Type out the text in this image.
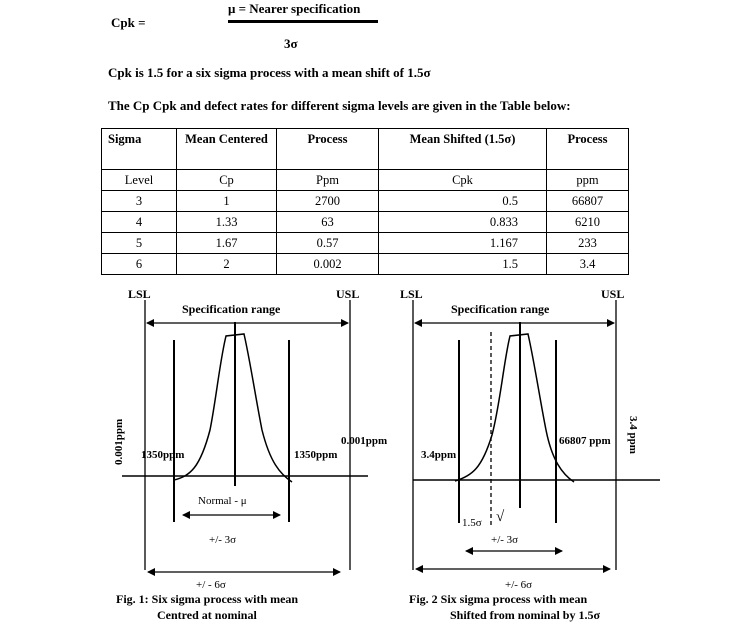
Cpk =
μ = Nearer specification
3σ
Cpk is 1.5 for a six sigma process with a mean shift of 1.5σ
The Cp Cpk and defect rates for different sigma levels are given in the Table below:
Sigma	Mean Centered	Process	Mean Shifted (1.5σ)	Process
Level	Cp	Ppm	Cpk	ppm
3	1	2700	0.5	66807
4	1.33	63	0.833	6210
5	1.67	0.57	1.167	233
6	2	0.002	1.5	3.4
LSL	USL
Specification range
0.001ppm 1350ppm	1350ppm
0.001ppm
Normal - μ
+/- 3σ
+/ - 6σ
Fig. 1: Six sigma process with mean
Centred at nominal
LSL	USL
Specification range
3.4ppm
66807 ppm 3.4 ppm
1.5σ √
+/- 3σ
+/- 6σ
Fig. 2 Six sigma process with mean
Shifted from nominal by 1.5σ
